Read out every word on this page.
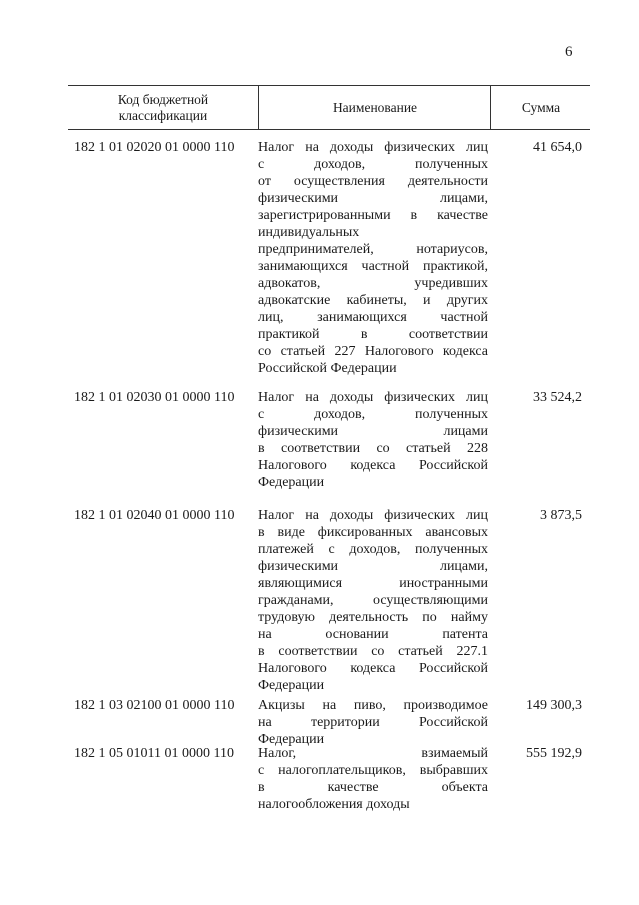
6
Код бюджетной
классификации
Наименование	Сумма
182 1 01 02020 01 0000 110 Налог на доходы физических лиц
с доходов, полученных
от осуществления деятельности
физическими лицами,
зарегистрированными в качестве
индивидуальных
предпринимателей, нотариусов,
занимающихся частной практикой,
адвокатов, учредивших
адвокатские кабинеты, и других
лиц, занимающихся частной
практикой в соответствии
со статьей 227 Налогового кодекса
Российской Федерации
41 654,0
182 1 01 02030 01 0000 110 Налог на доходы физических лиц
с доходов, полученных
физическими лицами
в соответствии со статьей 228
Налогового кодекса Российской
Федерации
33 524,2
182 1 01 02040 01 0000 110 Налог на доходы физических лиц
в виде фиксированных авансовых
платежей с доходов, полученных
физическими лицами,
являющимися иностранными
гражданами, осуществляющими
трудовую деятельность по найму
на основании патента
в соответствии со статьей 227.1
Налогового кодекса Российской
Федерации
3 873,5
182 1 03 02100 01 0000 110 Акцизы на пиво, производимое
на территории Российской
Федерации
149 300,3
182 1 05 01011 01 0000 110 Налог, взимаемый
с налогоплательщиков, выбравших
в качестве объекта
налогообложения доходы
555 192,9
